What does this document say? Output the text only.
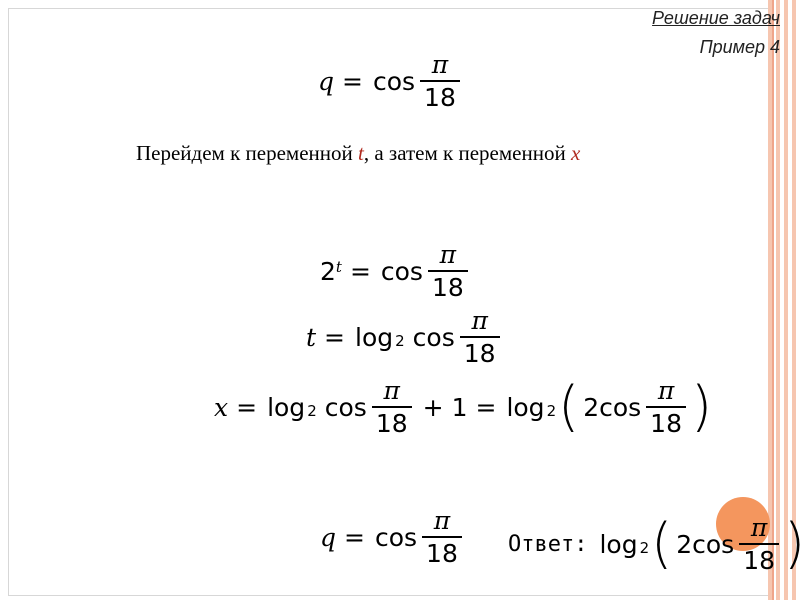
Решение задач
Пример 4
$q = \cos \frac{\pi}{18}$
Перейдем к переменной t, а затем к переменной x
$2^t = \cos \frac{\pi}{18}$
$t = \log_2 \cos \frac{\pi}{18}$
$x = \log_2 \cos \frac{\pi}{18} + 1 = \log_2$ ( $2\cos \frac{\pi}{18}$ )
$q = \cos \frac{\pi}{18}$ Ответ: $\log_2$ ( $2\cos \frac{\pi}{18}$ )
